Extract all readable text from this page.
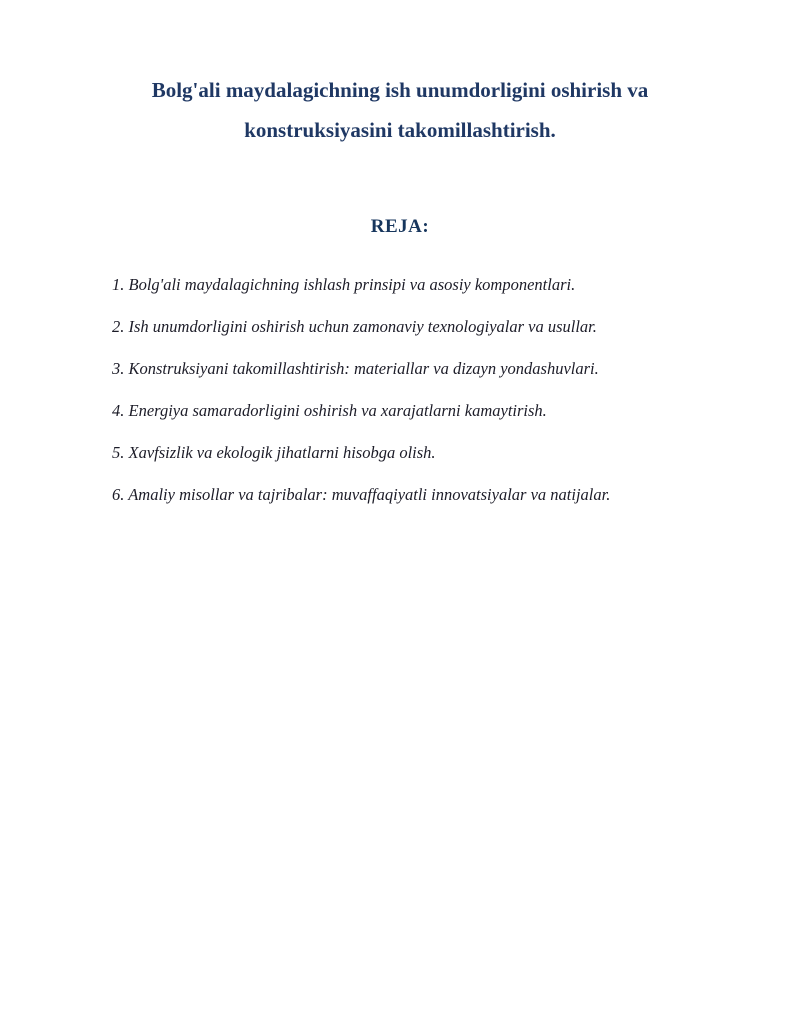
Bolg'ali maydalagichning ish unumdorligini oshirish va
konstruksiyasini takomillashtirish.
REJA:

1. Bolg'ali maydalagichning ishlash prinsipi va asosiy komponentlari.

2. Ish unumdorligini oshirish uchun zamonaviy texnologiyalar va usullar.

3. Konstruksiyani takomillashtirish: materiallar va dizayn yondashuvlari.

4. Energiya samaradorligini oshirish va xarajatlarni kamaytirish.

5. Xavfsizlik va ekologik jihatlarni hisobga olish.

6. Amaliy misollar va tajribalar: muvaffaqiyatli innovatsiyalar va natijalar.
